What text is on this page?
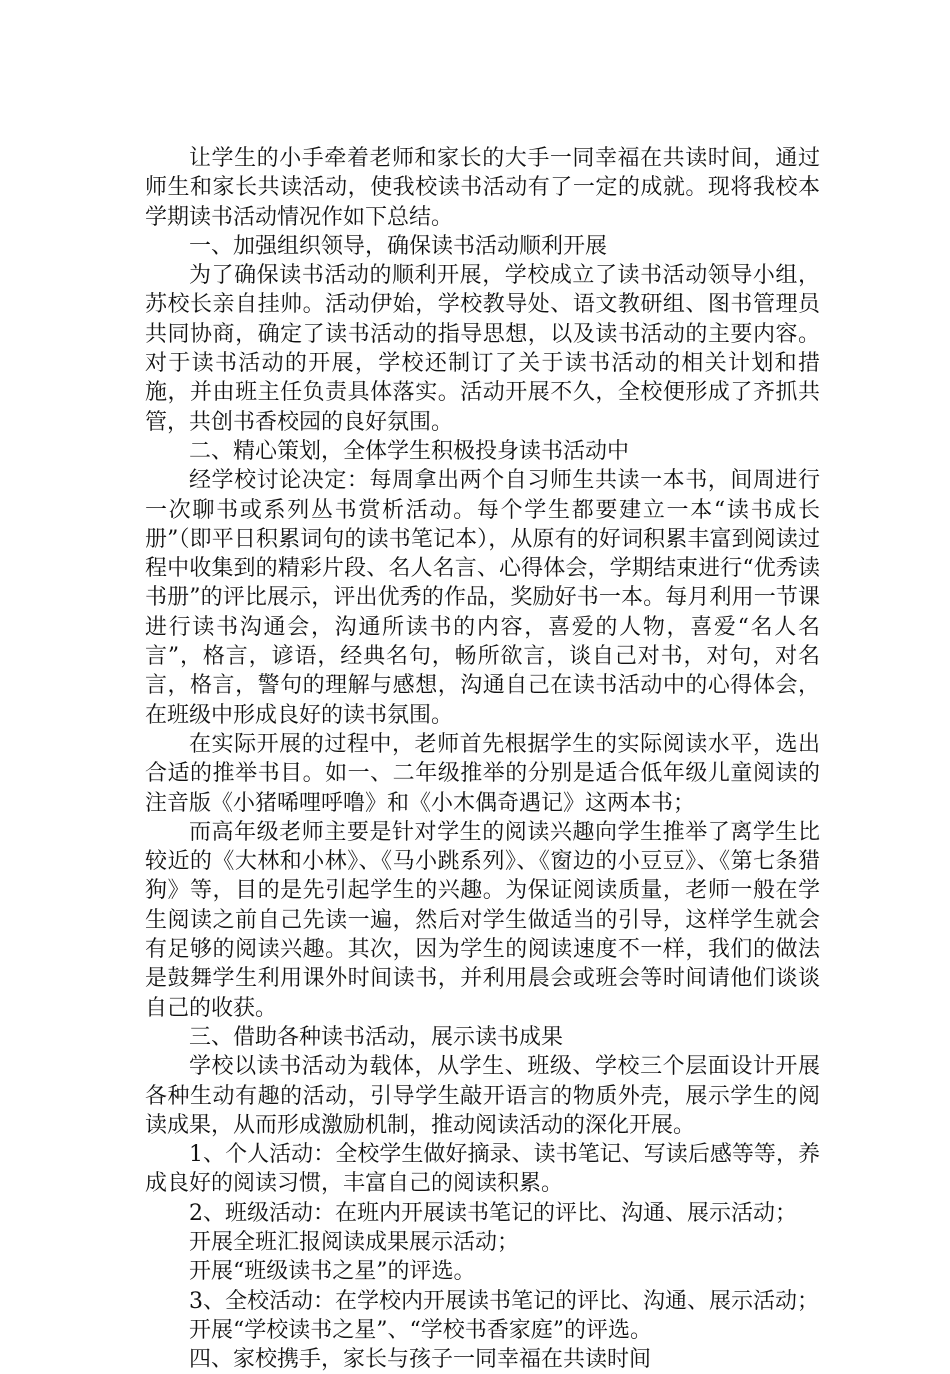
让学生的小手牵着老师和家长的大手一同幸福在共读时间，通过师生和家长共读活动，使我校读书活动有了一定的成就。现将我校本学期读书活动情况作如下总结。

一、加强组织领导，确保读书活动顺利开展

为了确保读书活动的顺利开展，学校成立了读书活动领导小组，苏校长亲自挂帅。活动伊始，学校教导处、语文教研组、图书管理员共同协商，确定了读书活动的指导思想，以及读书活动的主要内容。对于读书活动的开展，学校还制订了关于读书活动的相关计划和措施，并由班主任负责具体落实。活动开展不久，全校便形成了齐抓共管，共创书香校园的良好氛围。

二、精心策划，全体学生积极投身读书活动中

经学校讨论决定：每周拿出两个自习师生共读一本书，间周进行一次聊书或系列丛书赏析活动。每个学生都要建立一本“读书成长册”（即平日积累词句的读书笔记本），从原有的好词积累丰富到阅读过程中收集到的精彩片段、名人名言、心得体会，学期结束进行“优秀读书册”的评比展示，评出优秀的作品，奖励好书一本。每月利用一节课进行读书沟通会，沟通所读书的内容，喜爱的人物，喜爱“名人名言”，格言，谚语，经典名句，畅所欲言，谈自己对书，对句，对名言，格言，警句的理解与感想，沟通自己在读书活动中的心得体会，在班级中形成良好的读书氛围。

在实际开展的过程中，老师首先根据学生的实际阅读水平，选出合适的推举书目。如一、二年级推举的分别是适合低年级儿童阅读的注音版《小猪唏哩呼噜》和《小木偶奇遇记》这两本书；

而高年级老师主要是针对学生的阅读兴趣向学生推举了离学生比较近的《大林和小林》、《马小跳系列》、《窗边的小豆豆》、《第七条猎狗》等，目的是先引起学生的兴趣。为保证阅读质量，老师一般在学生阅读之前自己先读一遍，然后对学生做适当的引导，这样学生就会有足够的阅读兴趣。其次，因为学生的阅读速度不一样，我们的做法是鼓舞学生利用课外时间读书，并利用晨会或班会等时间请他们谈谈自己的收获。

三、借助各种读书活动，展示读书成果

学校以读书活动为载体，从学生、班级、学校三个层面设计开展各种生动有趣的活动，引导学生敲开语言的物质外壳，展示学生的阅读成果，从而形成激励机制，推动阅读活动的深化开展。

1、个人活动：全校学生做好摘录、读书笔记、写读后感等等，养成良好的阅读习惯，丰富自己的阅读积累。

2、班级活动：在班内开展读书笔记的评比、沟通、展示活动；

开展全班汇报阅读成果展示活动；

开展“班级读书之星”的评选。

3、全校活动：在学校内开展读书笔记的评比、沟通、展示活动；

开展“学校读书之星”、“学校书香家庭”的评选。

四、家校携手，家长与孩子一同幸福在共读时间
